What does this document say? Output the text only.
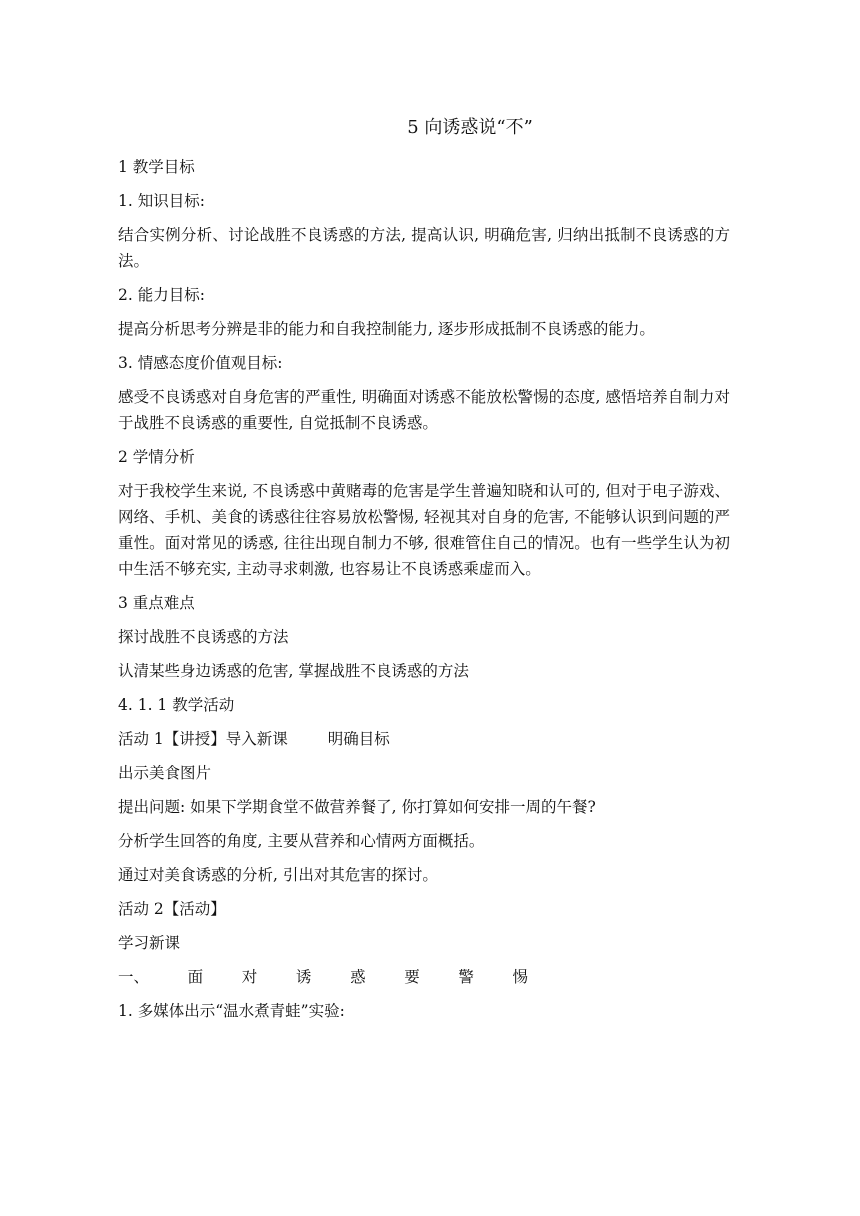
5 向诱惑说“不”

1 教学目标

1. 知识目标:

结合实例分析、讨论战胜不良诱惑的方法, 提高认识, 明确危害, 归纳出抵制不良诱惑的方法。

2. 能力目标:

提高分析思考分辨是非的能力和自我控制能力, 逐步形成抵制不良诱惑的能力。

3. 情感态度价值观目标:

感受不良诱惑对自身危害的严重性, 明确面对诱惑不能放松警惕的态度, 感悟培养自制力对于战胜不良诱惑的重要性, 自觉抵制不良诱惑。

2 学情分析

对于我校学生来说, 不良诱惑中黄赌毒的危害是学生普遍知晓和认可的, 但对于电子游戏、网络、手机、美食的诱惑往往容易放松警惕, 轻视其对自身的危害, 不能够认识到问题的严重性。面对常见的诱惑, 往往出现自制力不够, 很难管住自己的情况。也有一些学生认为初中生活不够充实, 主动寻求刺激, 也容易让不良诱惑乘虚而入。

3 重点难点

探讨战胜不良诱惑的方法

认清某些身边诱惑的危害, 掌握战胜不良诱惑的方法

4. 1. 1 教学活动

活动 1【讲授】导入新课	明确目标

出示美食图片

提出问题: 如果下学期食堂不做营养餐了, 你打算如何安排一周的午餐?

分析学生回答的角度, 主要从营养和心情两方面概括。

通过对美食诱惑的分析, 引出对其危害的探讨。

活动 2【活动】

学习新课

一、 面 对 诱 惑 要 警 惕

1. 多媒体出示“温水煮青蛙”实验:
